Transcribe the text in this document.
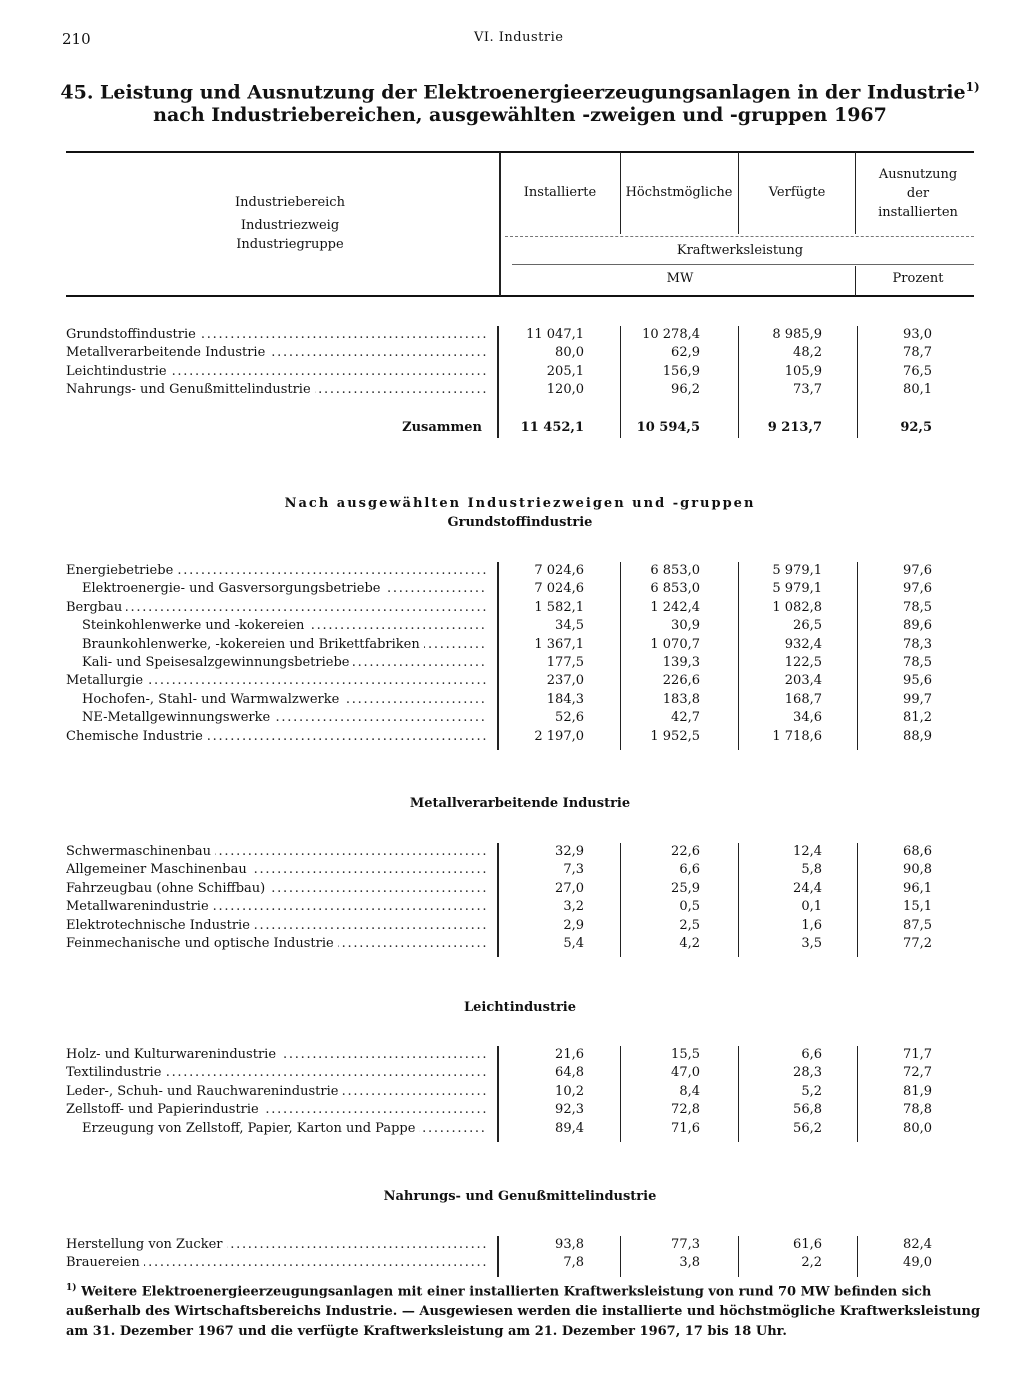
210	VI. Industrie
45. Leistung und Ausnutzung der Elektroenergieerzeugungsanlagen in der Industrie$^{1)}$
nach Industriebereichen, ausgewählten -zweigen und -gruppen 1967
Industriebereich
Industriezweig
Industriegruppe
Installierte	Höchstmögliche	Verfügte
Ausnutzung
der
installierten
Kraftwerksleistung
MW	Prozent
Grundstoffindustrie . . .	11 047,1	10 278,4	8 985,9	93,0
Metallverarbeitende Industrie . . .	80,0	62,9	48,2	78,7
Leichtindustrie . . .	205,1	156,9	105,9	76,5
Nahrungs- und Genußmittelindustrie . . .	120,0	96,2	73,7	80,1
Zusammen	11 452,1	10 594,5	9 213,7	92,5
Nach ausgewählten Industriezweigen und -gruppen
Grundstoffindustrie
Energiebetriebe . . .	7 024,6	6 853,0	5 979,1	97,6
Elektroenergie- und Gasversorgungsbetriebe . . .	7 024,6	6 853,0	5 979,1	97,6
Bergbau . . .	1 582,1	1 242,4	1 082,8	78,5
Steinkohlenwerke und -kokereien . . .	34,5	30,9	26,5	89,6
Braunkohlenwerke, -kokereien und Brikettfabriken . . .	1 367,1	1 070,7	932,4	78,3
Kali- und Speisesalzgewinnungsbetriebe . . .	177,5	139,3	122,5	78,5
Metallurgie . . .	237,0	226,6	203,4	95,6
Hochofen-, Stahl- und Warmwalzwerke . . .	184,3	183,8	168,7	99,7
NE-Metallgewinnungswerke . . .	52,6	42,7	34,6	81,2
Chemische Industrie . . .	2 197,0	1 952,5	1 718,6	88,9
Metallverarbeitende Industrie
Schwermaschinenbau . . .	32,9	22,6	12,4	68,6
Allgemeiner Maschinenbau . . .	7,3	6,6	5,8	90,8
Fahrzeugbau (ohne Schiffbau) . . .	27,0	25,9	24,4	96,1
Metallwarenindustrie . . .	3,2	0,5	0,1	15,1
Elektrotechnische Industrie . . .	2,9	2,5	1,6	87,5
Feinmechanische und optische Industrie . . .	5,4	4,2	3,5	77,2
Leichtindustrie
Holz- und Kulturwarenindustrie . . .	21,6	15,5	6,6	71,7
Textilindustrie . . .	64,8	47,0	28,3	72,7
Leder-, Schuh- und Rauchwarenindustrie . . .	10,2	8,4	5,2	81,9
Zellstoff- und Papierindustrie . . .	92,3	72,8	56,8	78,8
Erzeugung von Zellstoff, Papier, Karton und Pappe . . .	89,4	71,6	56,2	80,0
Nahrungs- und Genußmittelindustrie
Herstellung von Zucker . . .	93,8	77,3	61,6	82,4
Brauereien . . .	7,8	3,8	2,2	49,0
$^{1)}$ Weitere Elektroenergieerzeugungsanlagen mit einer installierten Kraftwerksleistung von rund 70 MW befinden sich außerhalb des Wirtschaftsbereichs Industrie. — Ausgewiesen werden die installierte und höchstmögliche Kraftwerksleistung am 31. Dezember 1967 und die verfügte Kraftwerksleistung am 21. Dezember 1967, 17 bis 18 Uhr.
